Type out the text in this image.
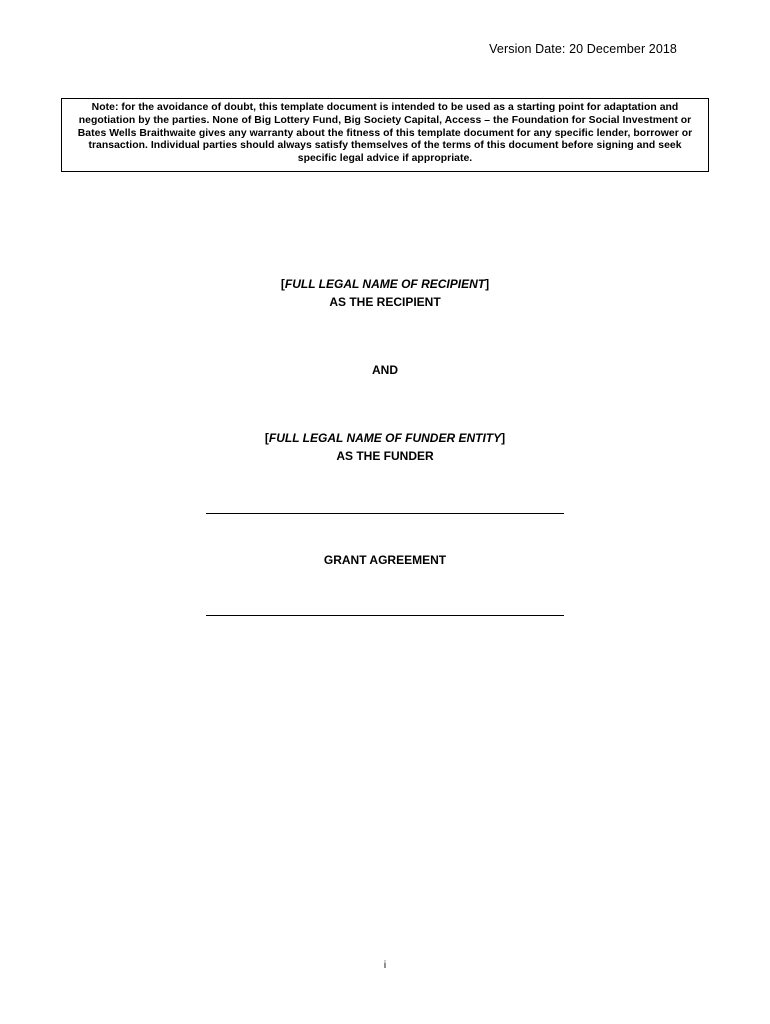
Version Date: 20 December 2018
Note: for the avoidance of doubt, this template document is intended to be used as a starting point for adaptation and negotiation by the parties. None of Big Lottery Fund, Big Society Capital, Access – the Foundation for Social Investment or Bates Wells Braithwaite gives any warranty about the fitness of this template document for any specific lender, borrower or transaction. Individual parties should always satisfy themselves of the terms of this document before signing and seek specific legal advice if appropriate.
[FULL LEGAL NAME OF RECIPIENT]
AS THE RECIPIENT
AND
[FULL LEGAL NAME OF FUNDER ENTITY]
AS THE FUNDER
GRANT AGREEMENT
i
